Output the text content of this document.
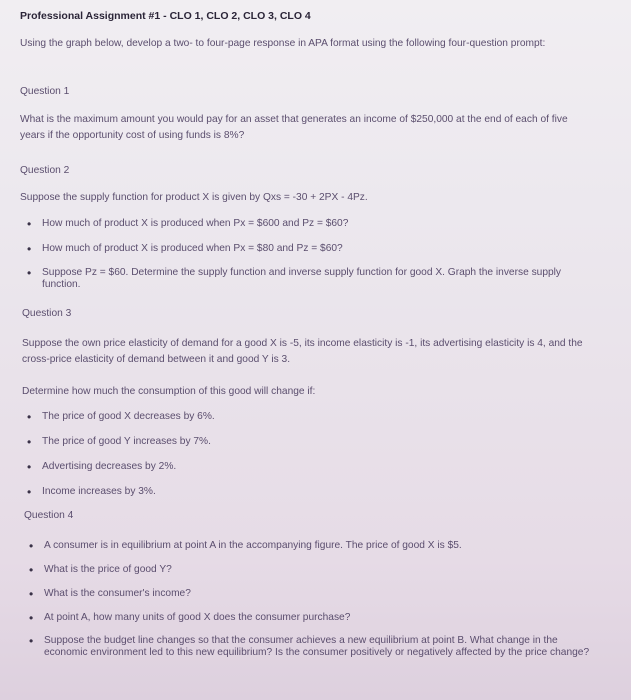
Professional Assignment #1 - CLO 1, CLO 2, CLO 3, CLO 4
Using the graph below, develop a two- to four-page response in APA format using the following four-question prompt:
Question 1
What is the maximum amount you would pay for an asset that generates an income of $250,000 at the end of each of five years if the opportunity cost of using funds is 8%?
Question 2
Suppose the supply function for product X is given by Qxs = -30 + 2PX - 4Pz.
• How much of product X is produced when Px = $600 and Pz = $60?
• How much of product X is produced when Px = $80 and Pz = $60?
• Suppose Pz = $60. Determine the supply function and inverse supply function for good X. Graph the inverse supply function.
Question 3
Suppose the own price elasticity of demand for a good X is -5, its income elasticity is -1, its advertising elasticity is 4, and the cross-price elasticity of demand between it and good Y is 3.
Determine how much the consumption of this good will change if:
• The price of good X decreases by 6%.
• The price of good Y increases by 7%.
• Advertising decreases by 2%.
• Income increases by 3%.
Question 4
• A consumer is in equilibrium at point A in the accompanying figure. The price of good X is $5.
• What is the price of good Y?
• What is the consumer's income?
• At point A, how many units of good X does the consumer purchase?
• Suppose the budget line changes so that the consumer achieves a new equilibrium at point B. What change in the economic environment led to this new equilibrium? Is the consumer positively or negatively affected by the price change?
